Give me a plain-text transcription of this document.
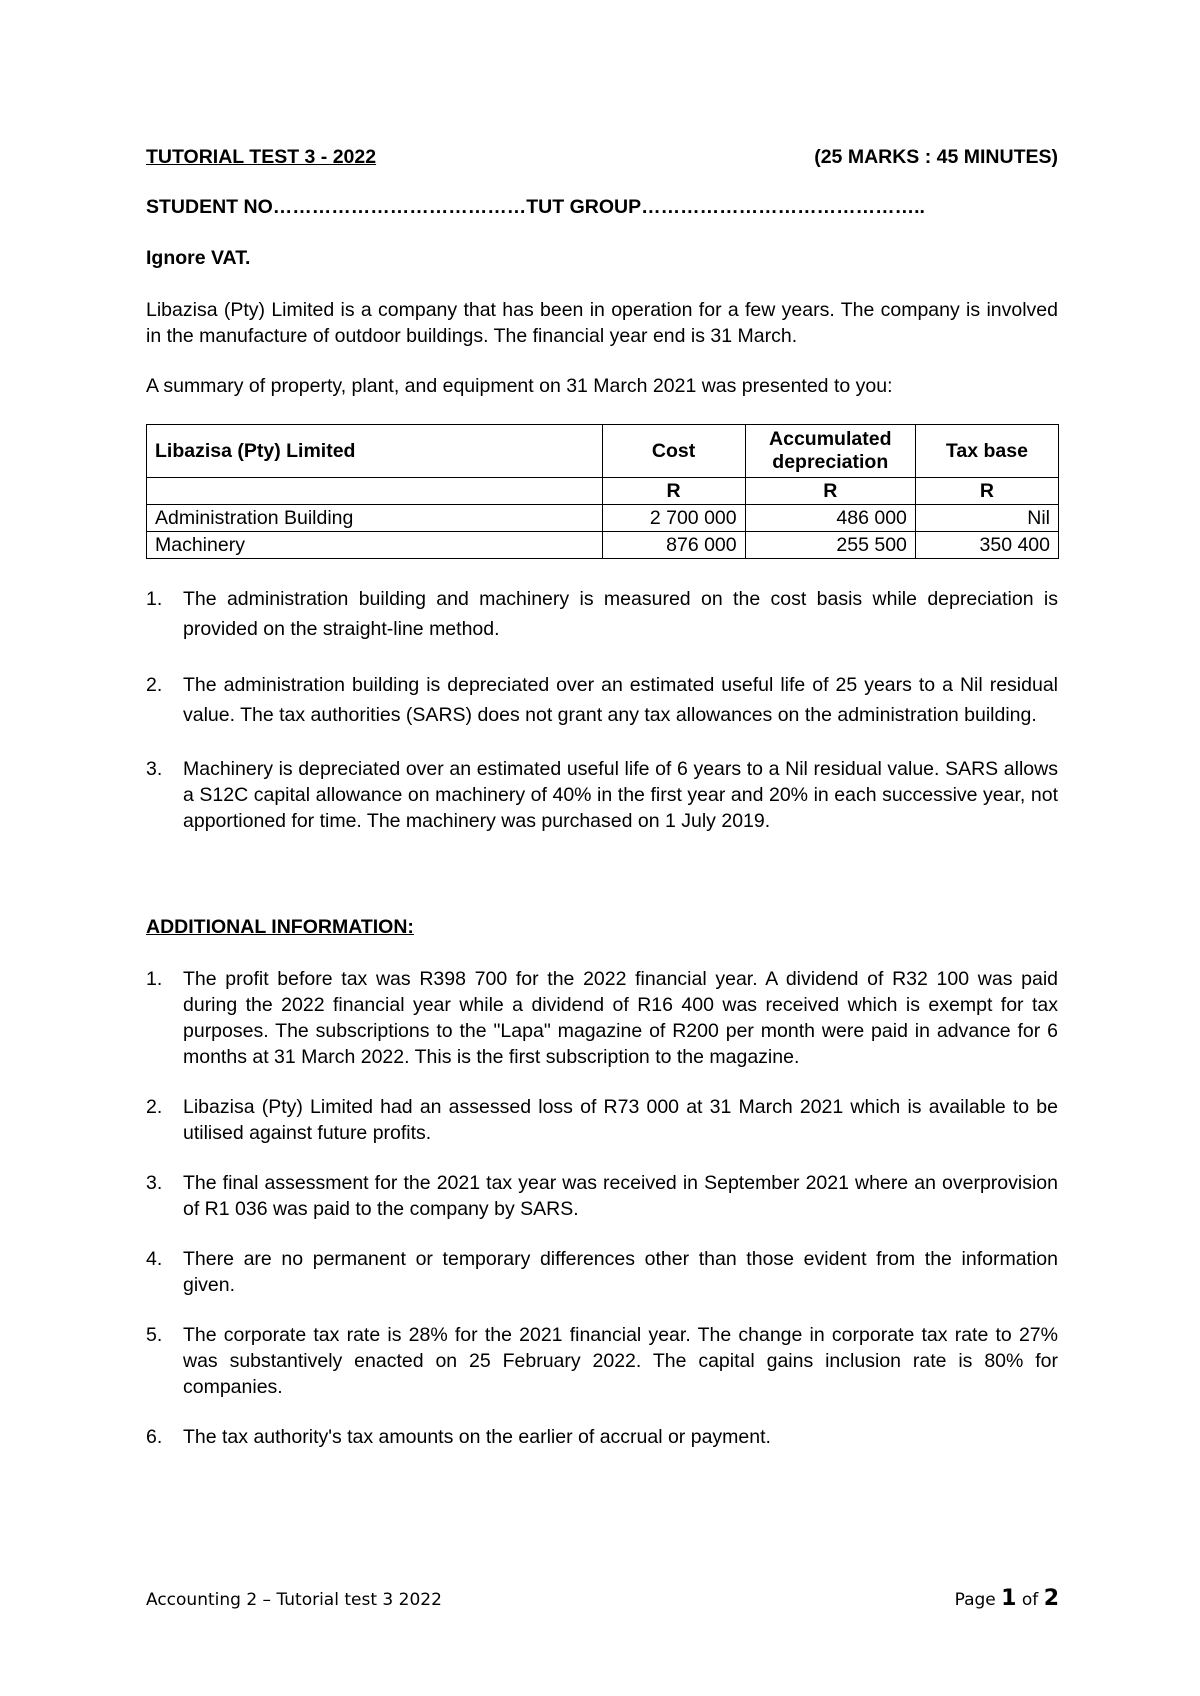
TUTORIAL TEST 3 - 2022	(25 MARKS : 45 MINUTES)
STUDENT NO…………………………………TUT GROUP……………………………………..
Ignore VAT.
Libazisa (Pty) Limited is a company that has been in operation for a few years. The company is involved in the manufacture of outdoor buildings. The financial year end is 31 March.
A summary of property, plant, and equipment on 31 March 2021 was presented to you:
Libazisa (Pty) Limited	Cost	Accumulated depreciation	Tax base
	R	R	R
Administration Building	2 700 000	486 000	Nil
Machinery	876 000	255 500	350 400
1. The administration building and machinery is measured on the cost basis while depreciation is provided on the straight-line method.
2. The administration building is depreciated over an estimated useful life of 25 years to a Nil residual value. The tax authorities (SARS) does not grant any tax allowances on the administration building.
3. Machinery is depreciated over an estimated useful life of 6 years to a Nil residual value. SARS allows a S12C capital allowance on machinery of 40% in the first year and 20% in each successive year, not apportioned for time. The machinery was purchased on 1 July 2019.
ADDITIONAL INFORMATION:
1. The profit before tax was R398 700 for the 2022 financial year. A dividend of R32 100 was paid during the 2022 financial year while a dividend of R16 400 was received which is exempt for tax purposes. The subscriptions to the "Lapa" magazine of R200 per month were paid in advance for 6 months at 31 March 2022. This is the first subscription to the magazine.
2. Libazisa (Pty) Limited had an assessed loss of R73 000 at 31 March 2021 which is available to be utilised against future profits.
3. The final assessment for the 2021 tax year was received in September 2021 where an overprovision of R1 036 was paid to the company by SARS.
4. There are no permanent or temporary differences other than those evident from the information given.
5. The corporate tax rate is 28% for the 2021 financial year. The change in corporate tax rate to 27% was substantively enacted on 25 February 2022. The capital gains inclusion rate is 80% for companies.
6. The tax authority's tax amounts on the earlier of accrual or payment.
Accounting 2 – Tutorial test 3 2022	Page 1 of 2
